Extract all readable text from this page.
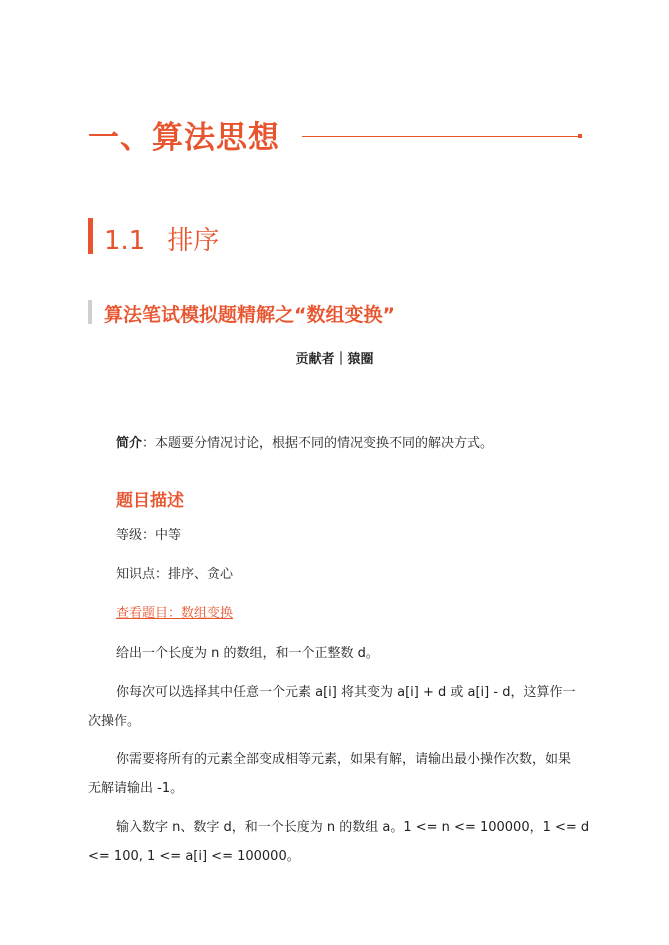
一、算法思想
1.1 排序
算法笔试模拟题精解之“数组变换”
贡献者｜猿圈
简介：本题要分情况讨论，根据不同的情况变换不同的解决方式。
题目描述
等级：中等
知识点：排序、贪心
查看题目：数组变换
给出一个长度为 n 的数组，和一个正整数 d。
你每次可以选择其中任意一个元素 a[i] 将其变为 a[i] + d 或 a[i] - d，这算作一
次操作。
你需要将所有的元素全部变成相等元素，如果有解，请输出最小操作次数，如果
无解请输出 -1。
输入数字 n、数字 d，和一个长度为 n 的数组 a。1 <= n <= 100000，1 <= d
<= 100, 1 <= a[i] <= 100000。
